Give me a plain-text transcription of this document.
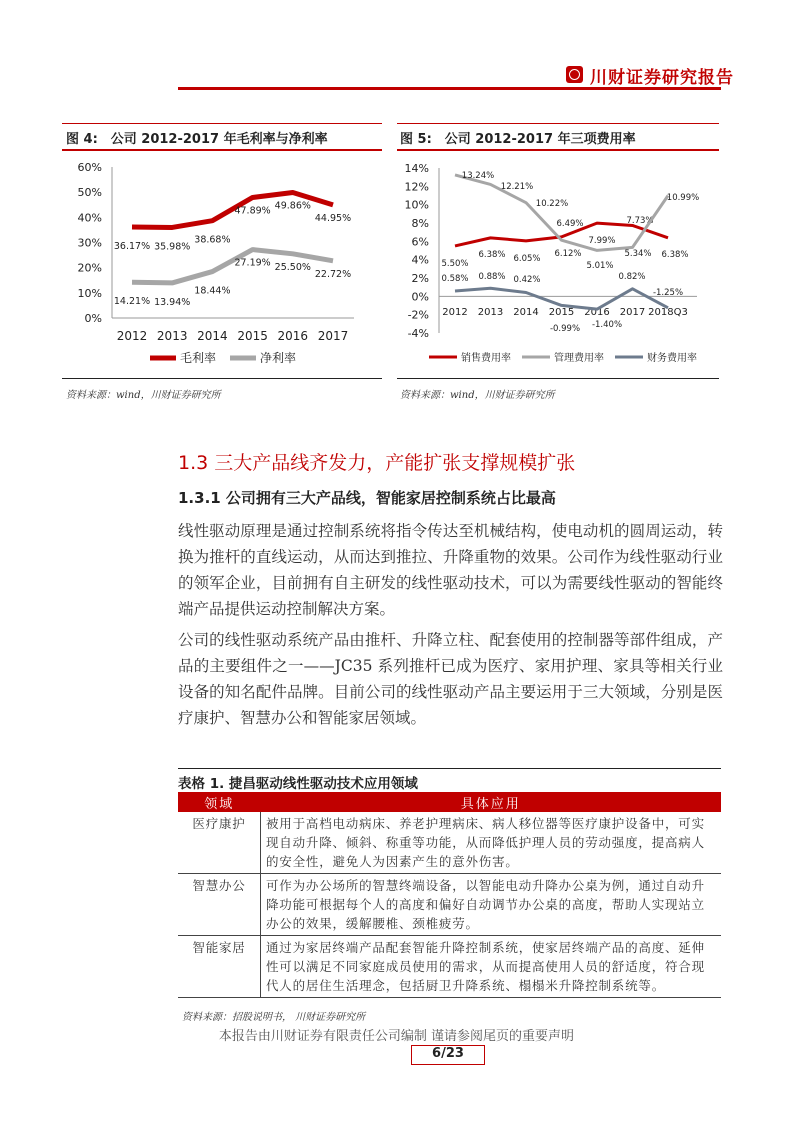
川财证券研究报告
图 4:　公司 2012-2017 年毛利率与净利率
0%
10%
20%
30%
40%
50%
60%
2012 2013 2014 2015 2016 2017
36.17% 35.98%
38.68%
47.89% 49.86%
44.95%
毛利率
14.21% 13.94%
18.44%
27.19% 25.50%
22.72%
净利率
资料来源：wind，川财证券研究所
图 5:　公司 2012-2017 年三项费用率
-4%
-2%
0%
2%
4%
6%
8%
10%
12%
14%
2012 2013 2014 2015 2016 2017 2018Q3
5.50%
6.38% 6.05%
6.49%
7.99%
7.73%
6.38%
销售费用率
13.24%
12.21%
10.22%
6.12%
5.01%
5.34%
10.99%
管理费用率
0.58% 0.88% 0.42%
-0.99% -1.40%
0.82%
-1.25%
财务费用率
资料来源：wind，川财证券研究所
1.3 三大产品线齐发力，产能扩张支撑规模扩张
1.3.1 公司拥有三大产品线，智能家居控制系统占比最高
线性驱动原理是通过控制系统将指令传达至机械结构，使电动机的圆周运动，转换为推杆的直线运动，从而达到推拉、升降重物的效果。公司作为线性驱动行业的领军企业，目前拥有自主研发的线性驱动技术，可以为需要线性驱动的智能终端产品提供运动控制解决方案。
公司的线性驱动系统产品由推杆、升降立柱、配套使用的控制器等部件组成，产品的主要组件之一——JC35 系列推杆已成为医疗、家用护理、家具等相关行业设备的知名配件品牌。目前公司的线性驱动产品主要运用于三大领域，分别是医疗康护、智慧办公和智能家居领域。
表格 1. 捷昌驱动线性驱动技术应用领域
领域	具体应用
医疗康护	被用于高档电动病床、养老护理病床、病人移位器等医疗康护设备中，可实现自动升降、倾斜、称重等功能，从而降低护理人员的劳动强度，提高病人的安全性，避免人为因素产生的意外伤害。
智慧办公	可作为办公场所的智慧终端设备，以智能电动升降办公桌为例，通过自动升降功能可根据每个人的高度和偏好自动调节办公桌的高度，帮助人实现站立办公的效果，缓解腰椎、颈椎疲劳。
智能家居	通过为家居终端产品配套智能升降控制系统，使家居终端产品的高度、延伸性可以满足不同家庭成员使用的需求，从而提高使用人员的舒适度，符合现代人的居住生活理念，包括厨卫升降系统、榻榻米升降控制系统等。
资料来源：招股说明书， 川财证券研究所
本报告由川财证券有限责任公司编制 谨请参阅尾页的重要声明
6/23
